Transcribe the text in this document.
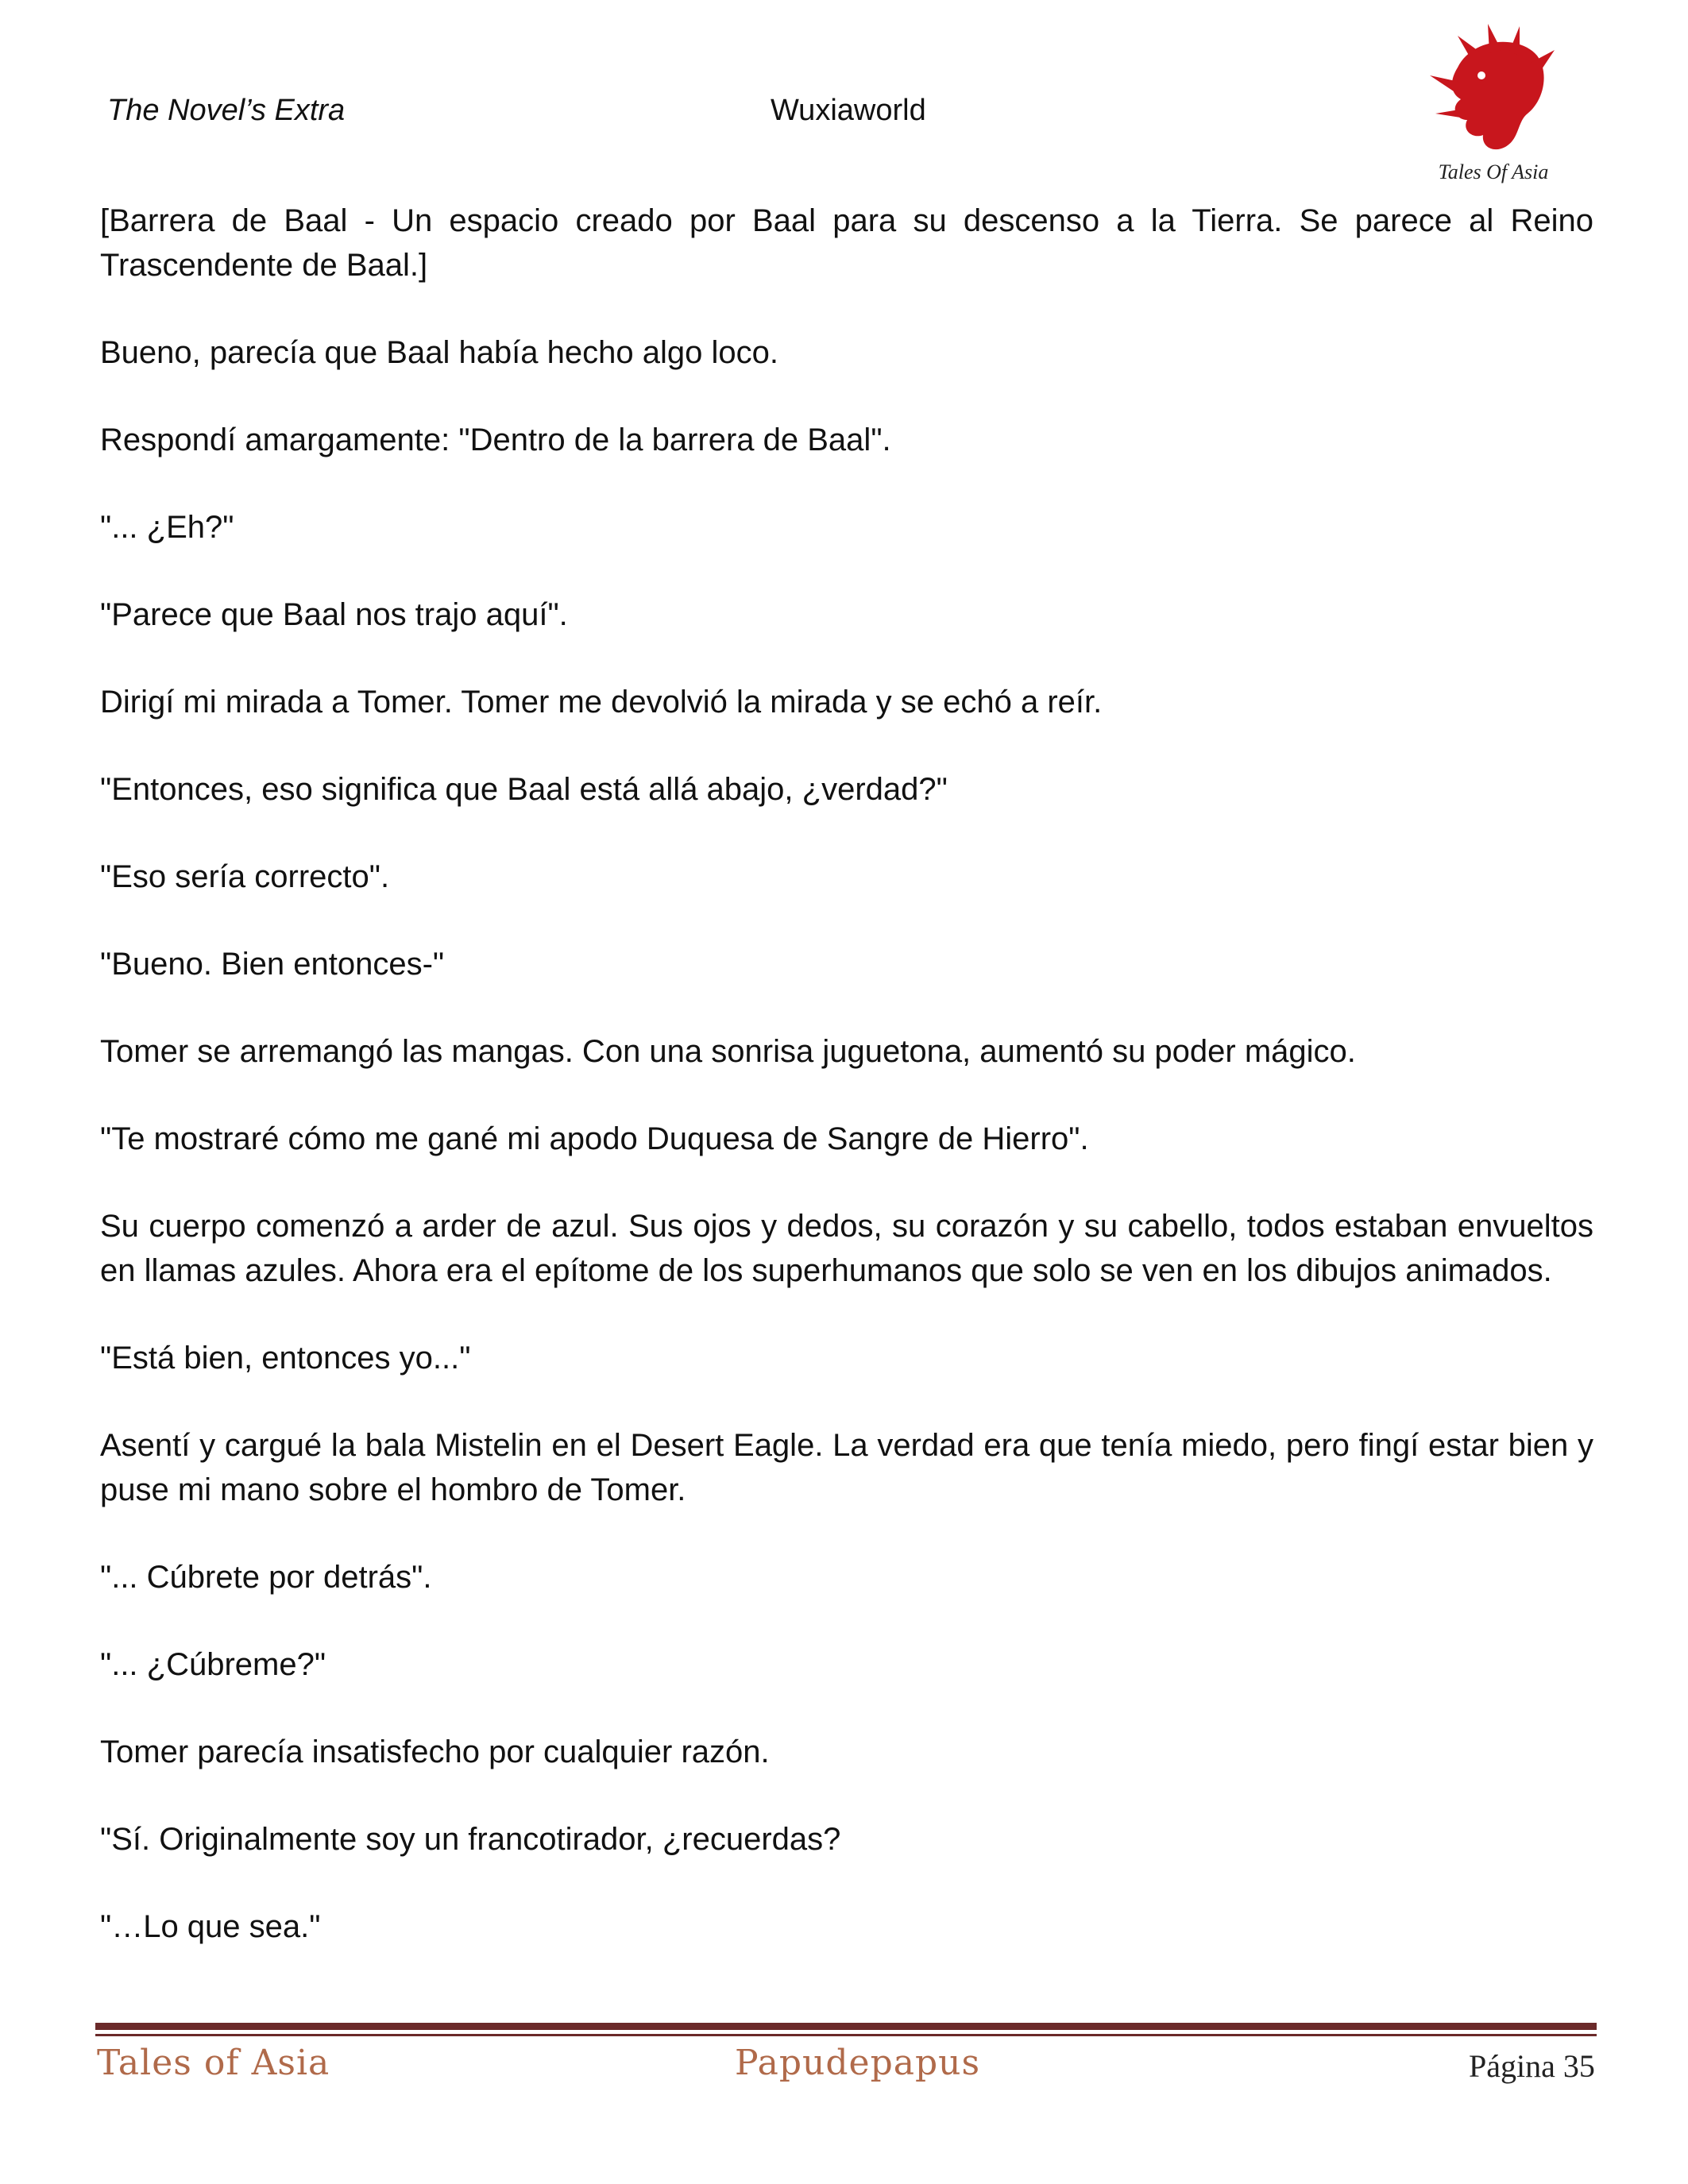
The Novel’s Extra	Wuxiaworld
Tales Of Asia

[Barrera de Baal - Un espacio creado por Baal para su descenso a la Tierra. Se parece al Reino Trascendente de Baal.]

Bueno, parecía que Baal había hecho algo loco.

Respondí amargamente: "Dentro de la barrera de Baal".

"... ¿Eh?"

"Parece que Baal nos trajo aquí".

Dirigí mi mirada a Tomer. Tomer me devolvió la mirada y se echó a reír.

"Entonces, eso significa que Baal está allá abajo, ¿verdad?"

"Eso sería correcto".

"Bueno. Bien entonces-"

Tomer se arremangó las mangas. Con una sonrisa juguetona, aumentó su poder mágico.

"Te mostraré cómo me gané mi apodo Duquesa de Sangre de Hierro".

Su cuerpo comenzó a arder de azul. Sus ojos y dedos, su corazón y su cabello, todos estaban envueltos en llamas azules. Ahora era el epítome de los superhumanos que solo se ven en los dibujos animados.

"Está bien, entonces yo..."

Asentí y cargué la bala Mistelin en el Desert Eagle. La verdad era que tenía miedo, pero fingí estar bien y puse mi mano sobre el hombro de Tomer.

"... Cúbrete por detrás".

"... ¿Cúbreme?"

Tomer parecía insatisfecho por cualquier razón.

"Sí. Originalmente soy un francotirador, ¿recuerdas?

"…Lo que sea."

Tales of Asia	Papudepapus	Página 35
